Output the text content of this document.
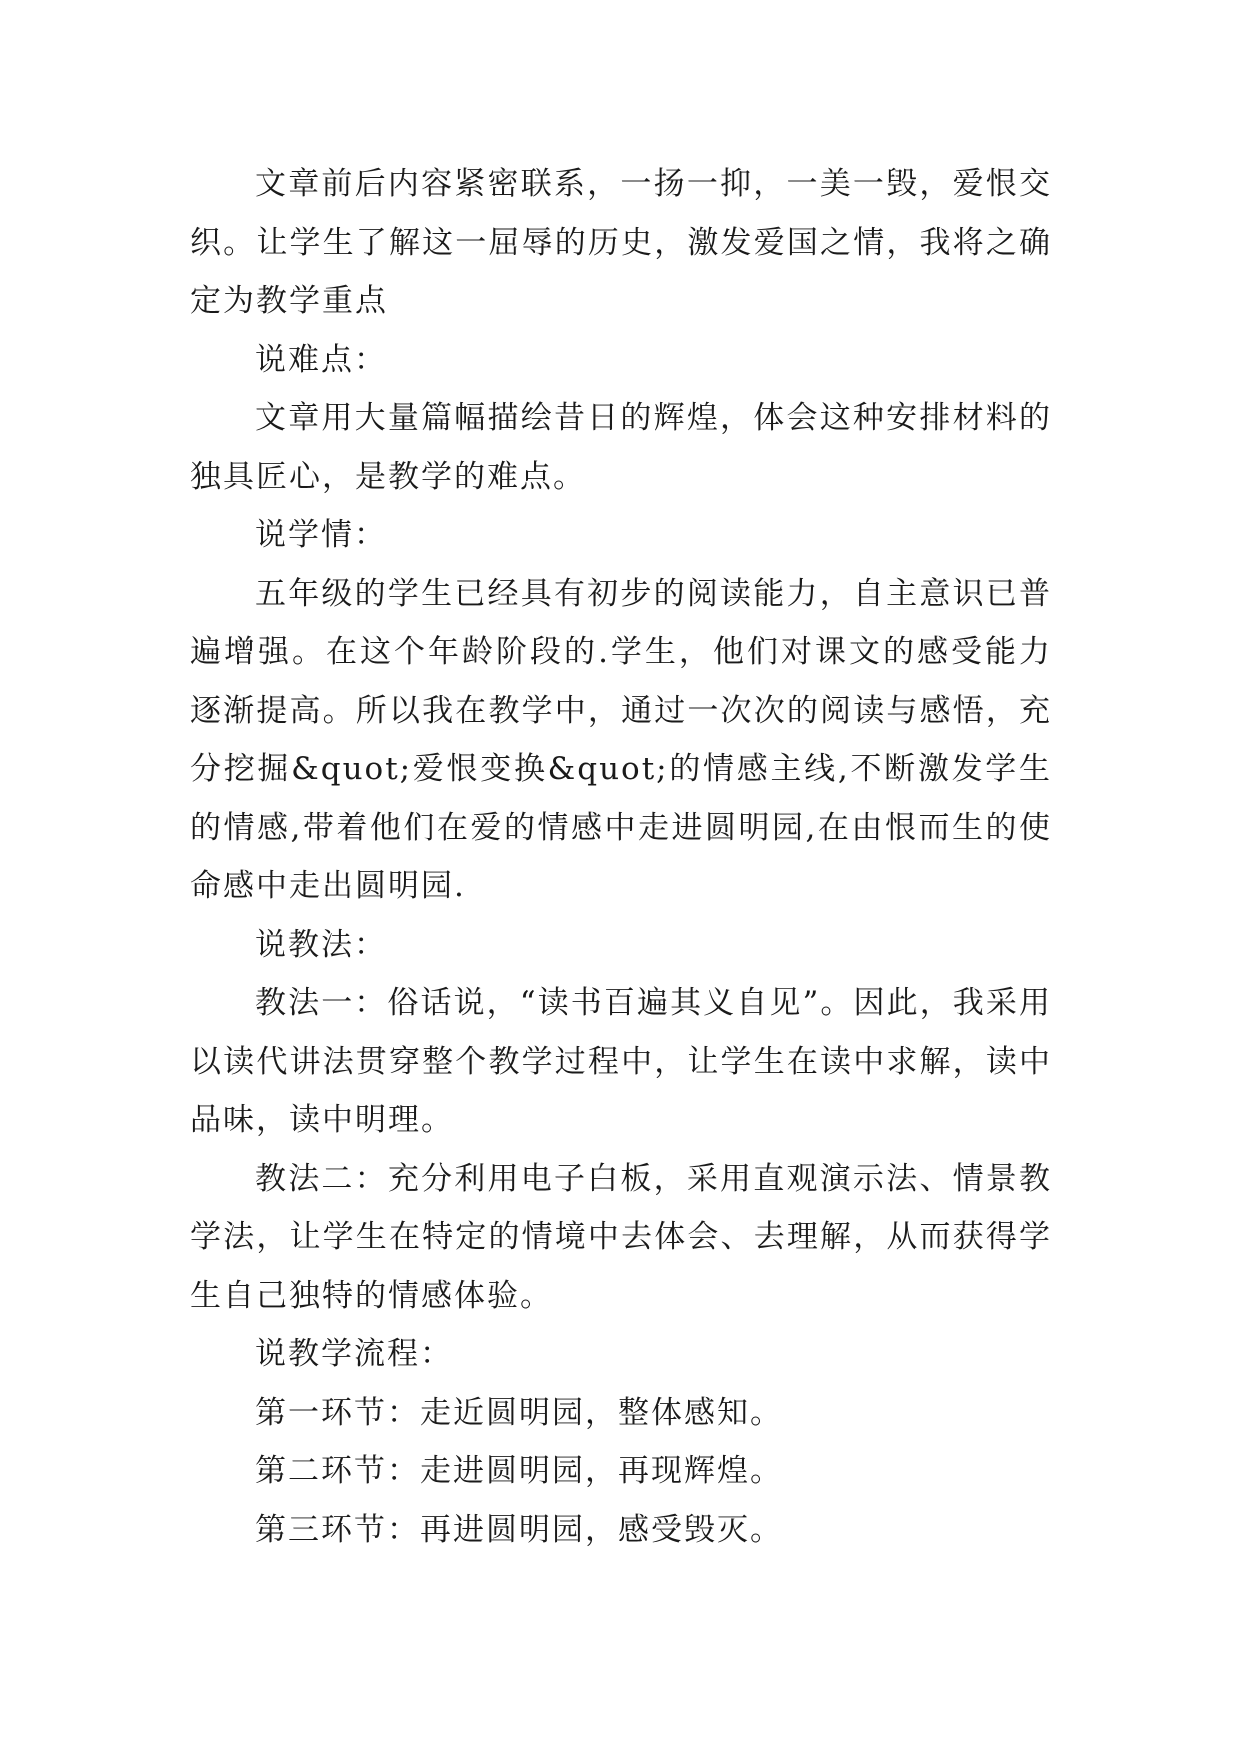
文章前后内容紧密联系，一扬一抑，一美一毁，爱恨交织。让学生了解这一屈辱的历史，激发爱国之情，我将之确定为教学重点

说难点：

文章用大量篇幅描绘昔日的辉煌，体会这种安排材料的独具匠心，是教学的难点。

说学情：

五年级的学生已经具有初步的阅读能力，自主意识已普遍增强。在这个年龄阶段的.学生，他们对课文的感受能力逐渐提高。所以我在教学中，通过一次次的阅读与感悟，充分挖掘&quot;爱恨变换&quot;的情感主线,不断激发学生的情感,带着他们在爱的情感中走进圆明园,在由恨而生的使命感中走出圆明园.

说教法：

教法一：俗话说，“读书百遍其义自见”。因此，我采用以读代讲法贯穿整个教学过程中，让学生在读中求解，读中品味，读中明理。

教法二：充分利用电子白板，采用直观演示法、情景教学法，让学生在特定的情境中去体会、去理解，从而获得学生自己独特的情感体验。

说教学流程：

第一环节：走近圆明园，整体感知。

第二环节：走进圆明园，再现辉煌。

第三环节：再进圆明园，感受毁灭。
